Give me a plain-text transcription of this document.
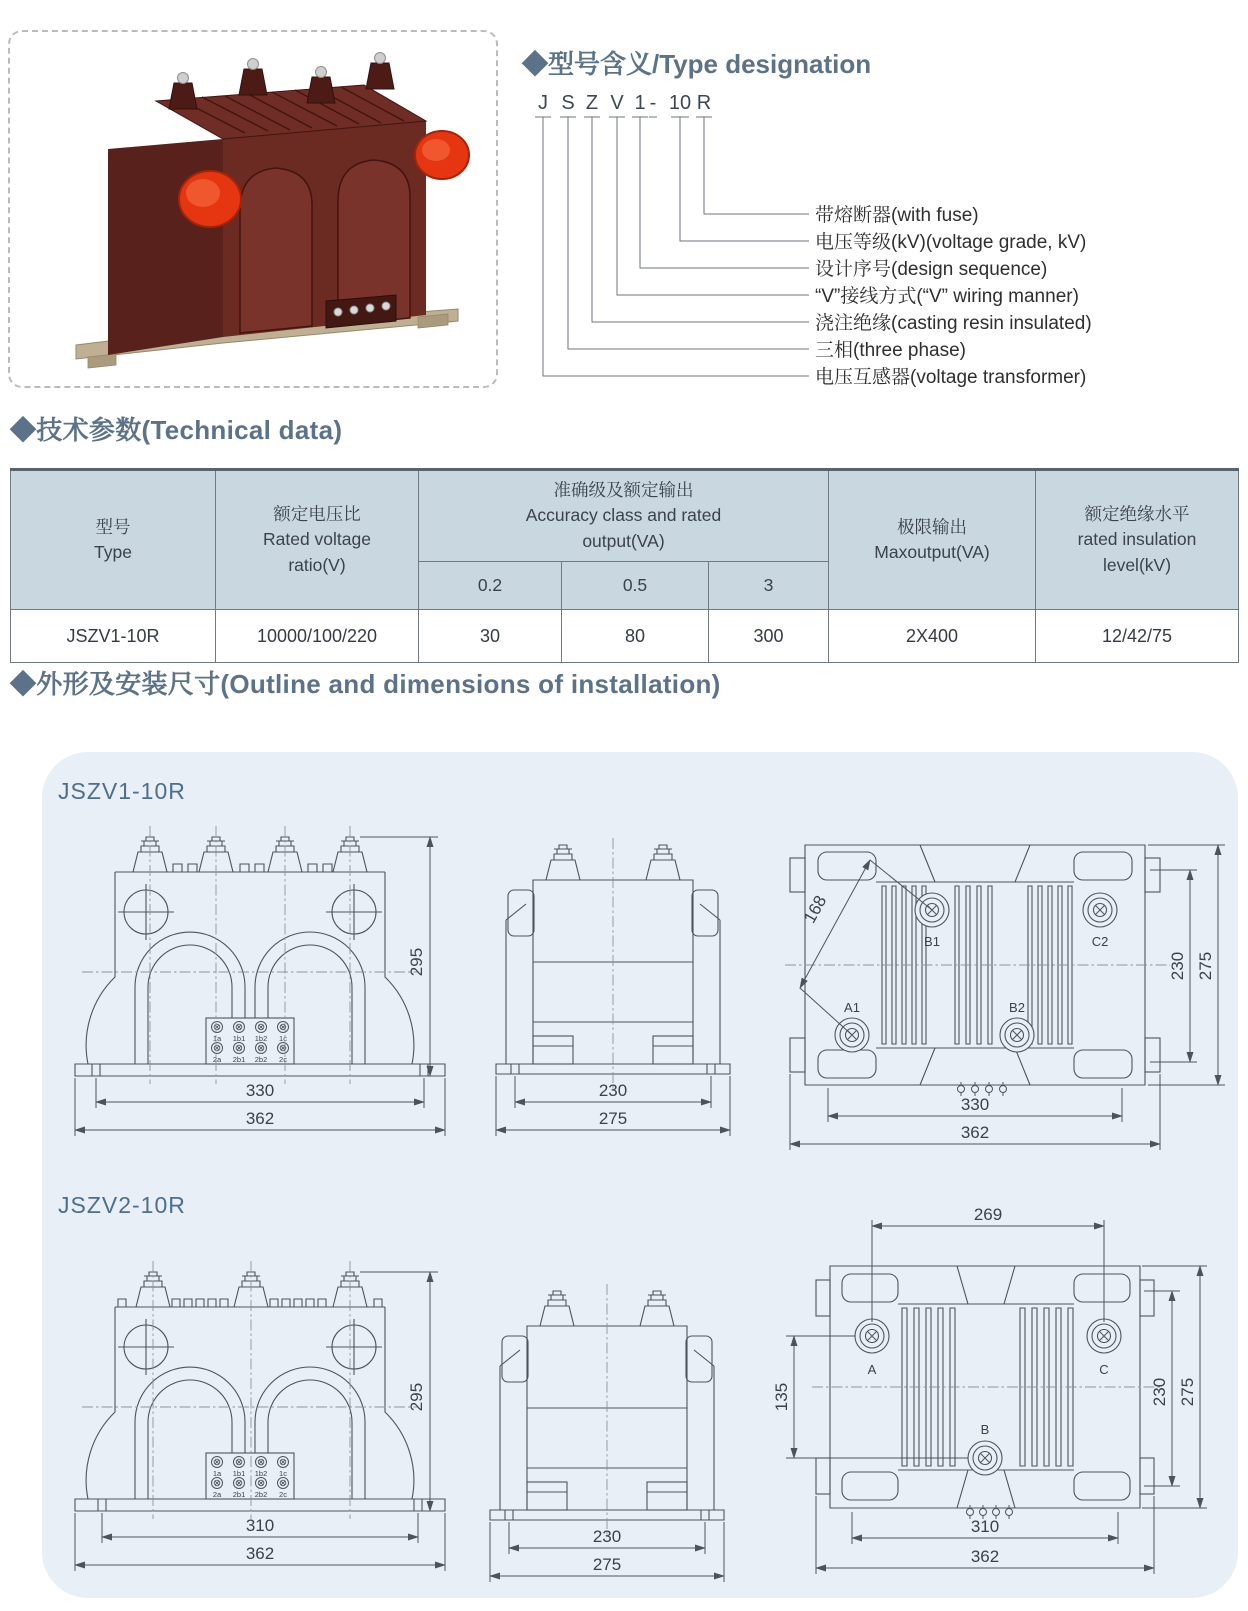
◆型号含义/Type designation
J S Z V 1 - 10 R
带熔断器(with fuse)
电压等级(kV)(voltage grade, kV)
设计序号(design sequence)
“V”接线方式(“V” wiring manner)
浇注绝缘(casting resin insulated)
三相(three phase)
电压互感器(voltage transformer)
◆技术参数(Technical data)
型号
Type

额定电压比
Rated voltage
ratio(V)

准确级及额定输出
Accuracy class and rated
output(VA)

极限输出
Maxoutput(VA)

额定绝缘水平
rated insulation
level(kV)

		0.2	0.5	3		
JSZV1-10R	10000/100/220	30	80	300	2X400	12/42/75
◆外形及安装尺寸(Outline and dimensions of installation)
JSZV1-10R
1a 1b1 1b2 1c
2a 2b1 2b2 2c
295
330
362
230
275
B1	C2
A1	B2
168
230 275
330
362
JSZV2-10R
1a 1b1 1b2 1c
2a 2b1 2b2 2c
295
310
362
230
275
A	C
B
269
135	230 275
310
362
